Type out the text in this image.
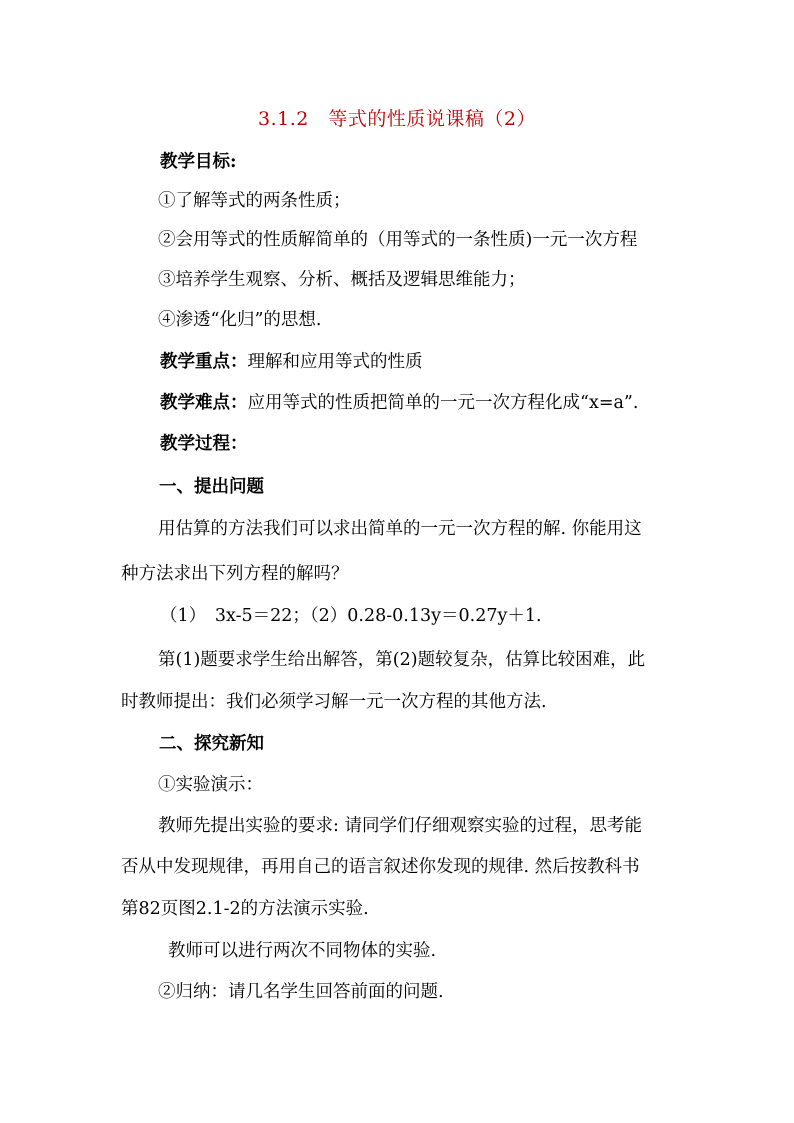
3.1.2　等式的性质说课稿（2）
教学目标:
①了解等式的两条性质；
②会用等式的性质解简单的（用等式的一条性质)一元一次方程
③培养学生观察、分析、概括及逻辑思维能力；
④渗透“化归”的思想.
教学重点：理解和应用等式的性质
教学难点：应用等式的性质把简单的一元一次方程化成“x=a”.
教学过程：
一、提出问题
用估算的方法我们可以求出简单的一元一次方程的解. 你能用这
种方法求出下列方程的解吗？
（1）　3x-5＝22；（2）0.28-0.13y＝0.27y＋1.
第(1)题要求学生给出解答，第(2)题较复杂，估算比较困难，此
时教师提出：我们必须学习解一元一次方程的其他方法.
二、探究新知
①实验演示：
教师先提出实验的要求: 请同学们仔细观察实验的过程，思考能
否从中发现规律，再用自己的语言叙述你发现的规律. 然后按教科书
第82页图2.1-2的方法演示实验.
教师可以进行两次不同物体的实验.
②归纳：请几名学生回答前面的问题.
